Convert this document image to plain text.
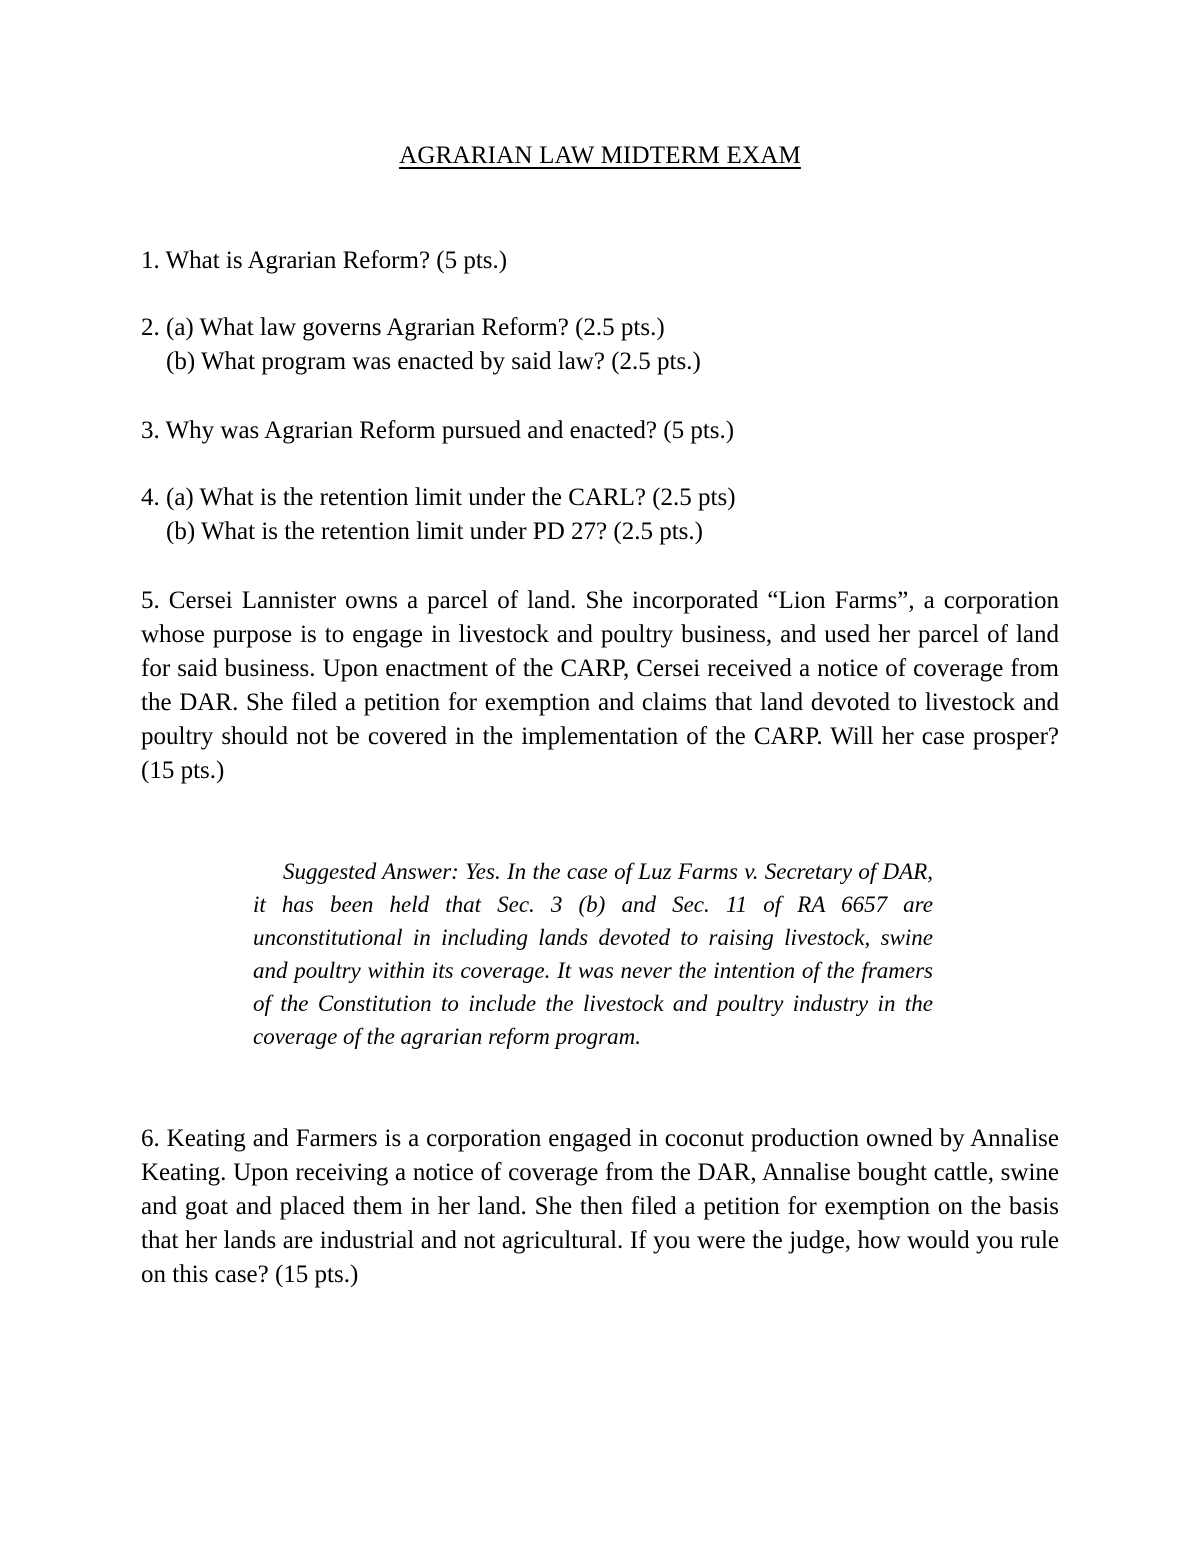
AGRARIAN LAW MIDTERM EXAM
1. What is Agrarian Reform? (5 pts.)
2. (a) What law governs Agrarian Reform? (2.5 pts.)
(b) What program was enacted by said law? (2.5 pts.)
3. Why was Agrarian Reform pursued and enacted? (5 pts.)
4. (a) What is the retention limit under the CARL? (2.5 pts)
(b) What is the retention limit under PD 27? (2.5 pts.)
5. Cersei Lannister owns a parcel of land. She incorporated “Lion Farms”, a corporation whose purpose is to engage in livestock and poultry business, and used her parcel of land for said business. Upon enactment of the CARP, Cersei received a notice of coverage from the DAR. She filed a petition for exemption and claims that land devoted to livestock and poultry should not be covered in the implementation of the CARP. Will her case prosper? (15 pts.)
Suggested Answer: Yes. In the case of Luz Farms v. Secretary of DAR, it has been held that Sec. 3 (b) and Sec. 11 of RA 6657 are unconstitutional in including lands devoted to raising livestock, swine and poultry within its coverage. It was never the intention of the framers of the Constitution to include the livestock and poultry industry in the coverage of the agrarian reform program.
6. Keating and Farmers is a corporation engaged in coconut production owned by Annalise Keating. Upon receiving a notice of coverage from the DAR, Annalise bought cattle, swine and goat and placed them in her land. She then filed a petition for exemption on the basis that her lands are industrial and not agricultural. If you were the judge, how would you rule on this case? (15 pts.)
